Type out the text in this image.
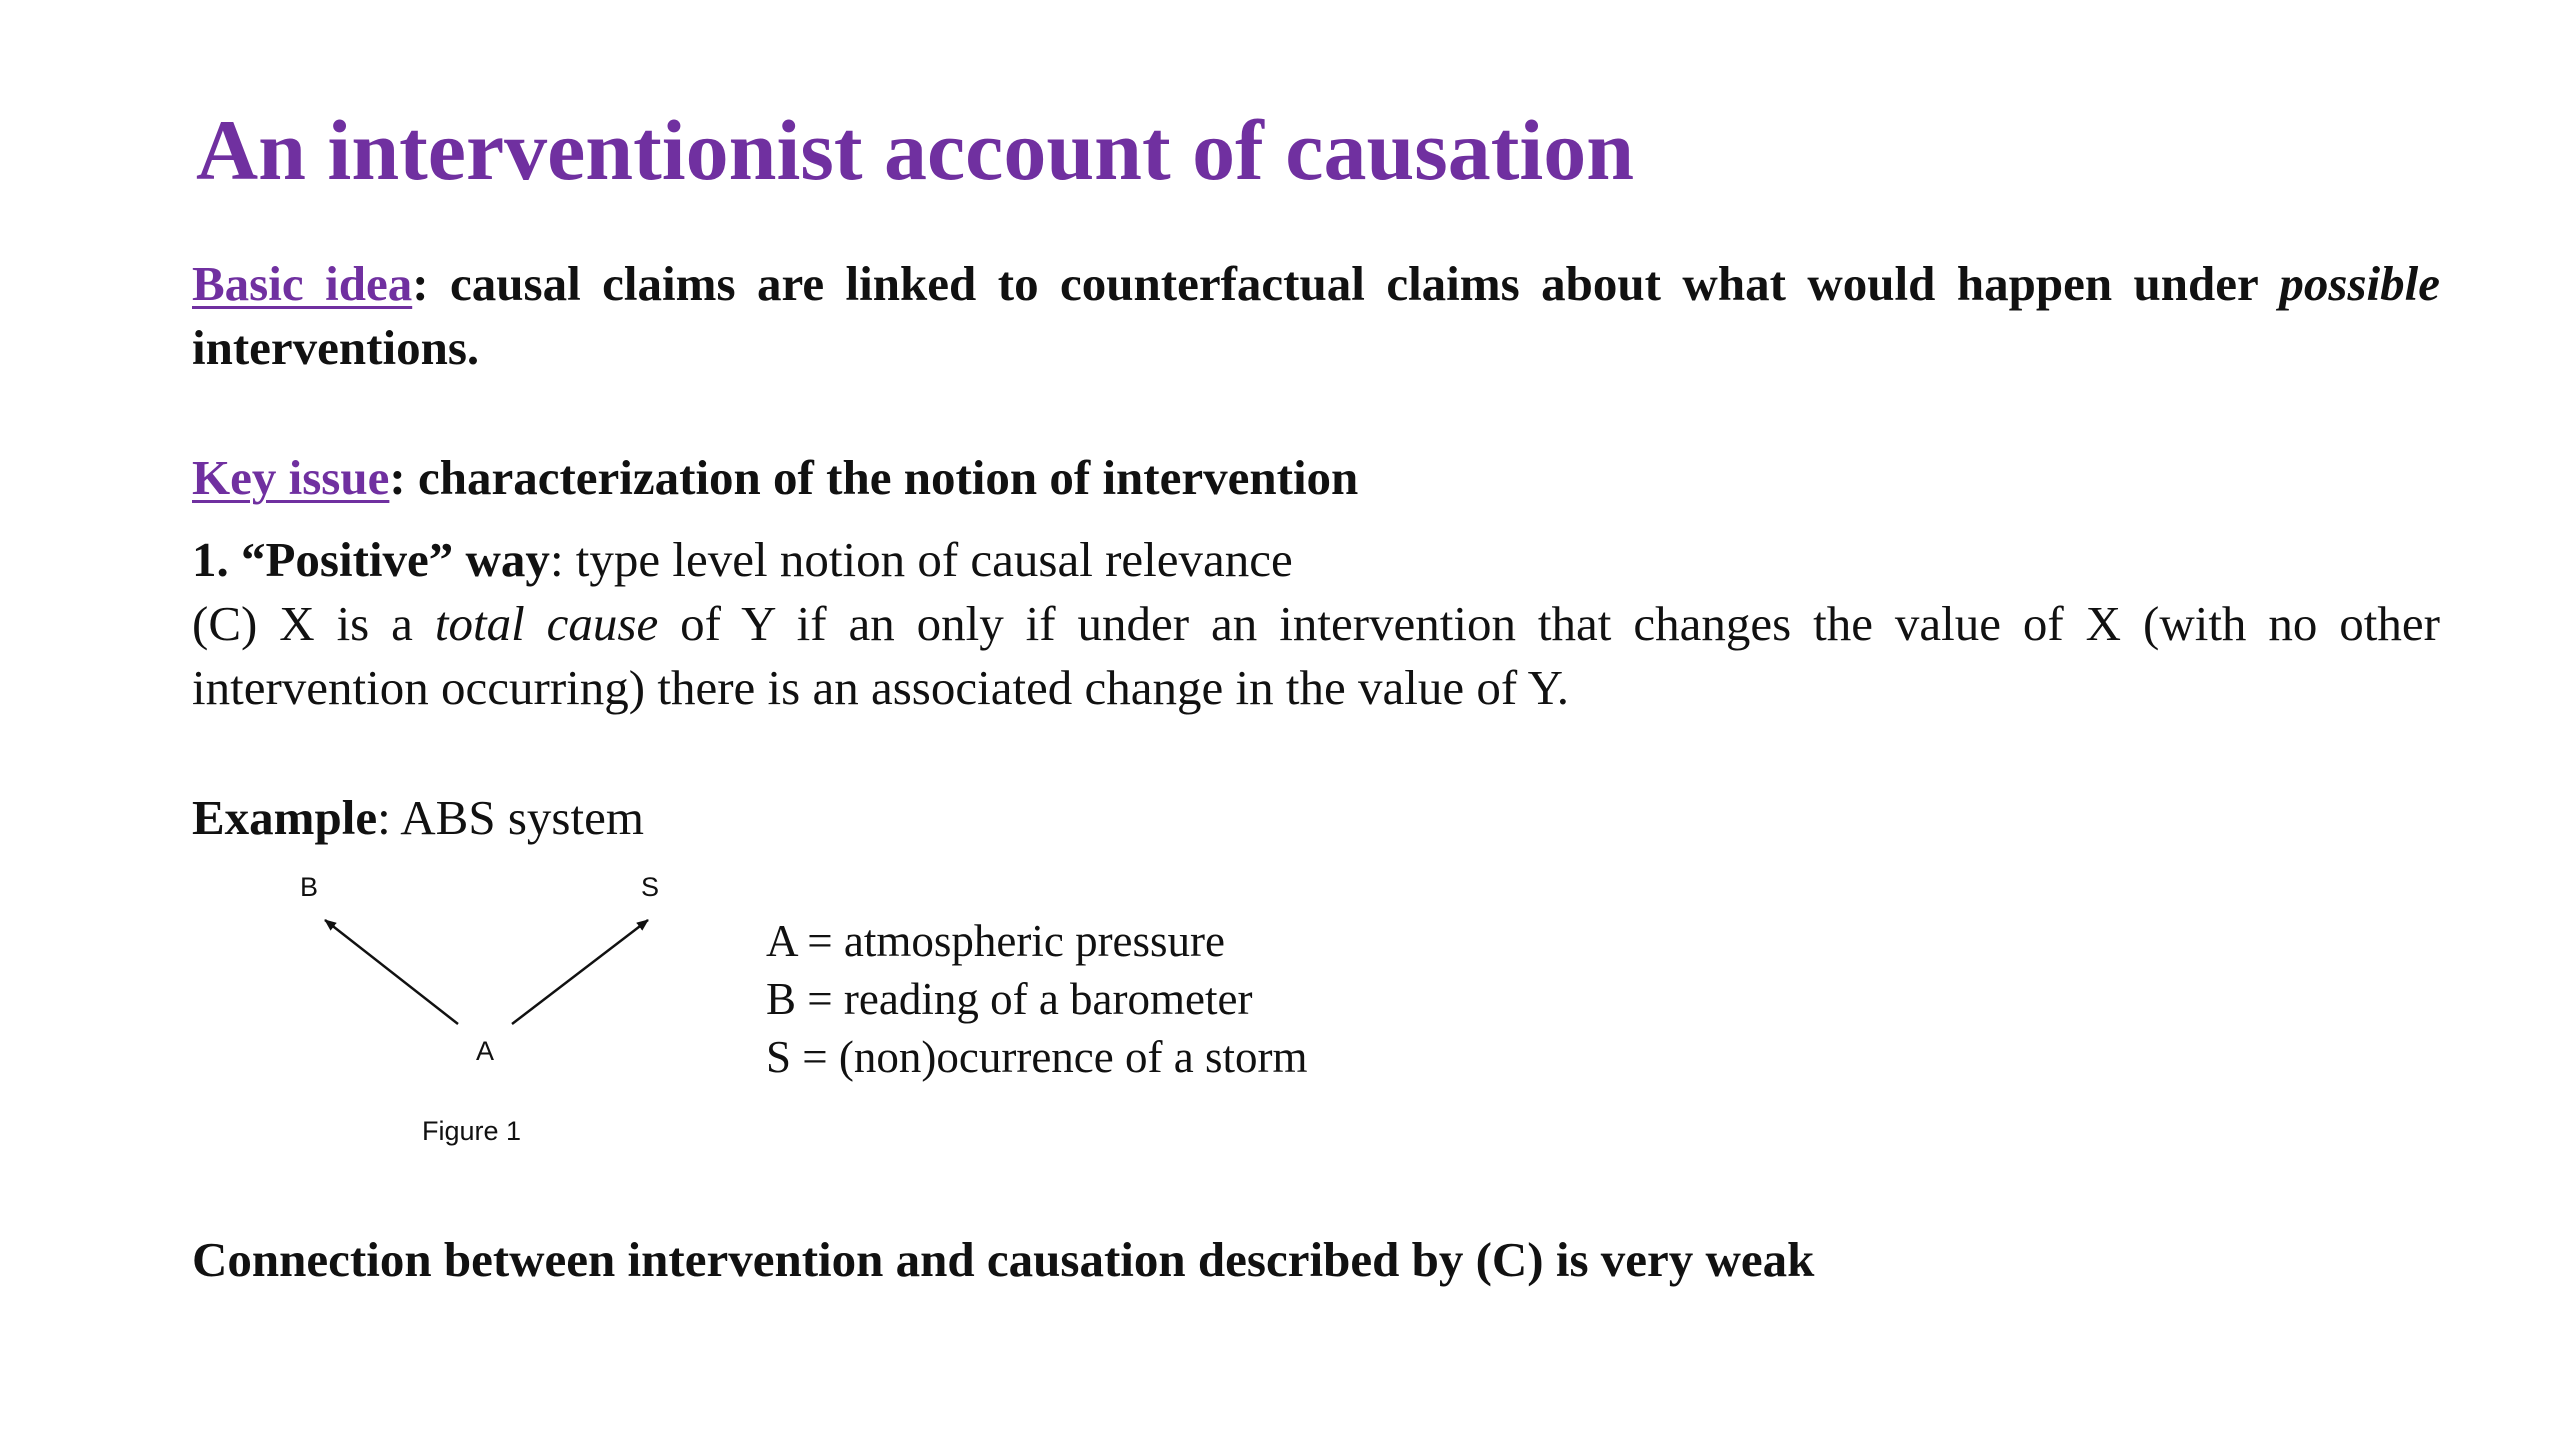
An interventionist account of causation
Basic idea: causal claims are linked to counterfactual claims about what would happen under possible interventions.
Key issue: characterization of the notion of intervention
1. “Positive” way: type level notion of causal relevance
(C) X is a total cause of Y if an only if under an intervention that changes the value of X (with no other intervention occurring) there is an associated change in the value of Y.
Example: ABS system
B	S
A
Figure 1
A = atmospheric pressure
B = reading of a barometer
S = (non)ocurrence of a storm
Connection between intervention and causation described by (C) is very weak
